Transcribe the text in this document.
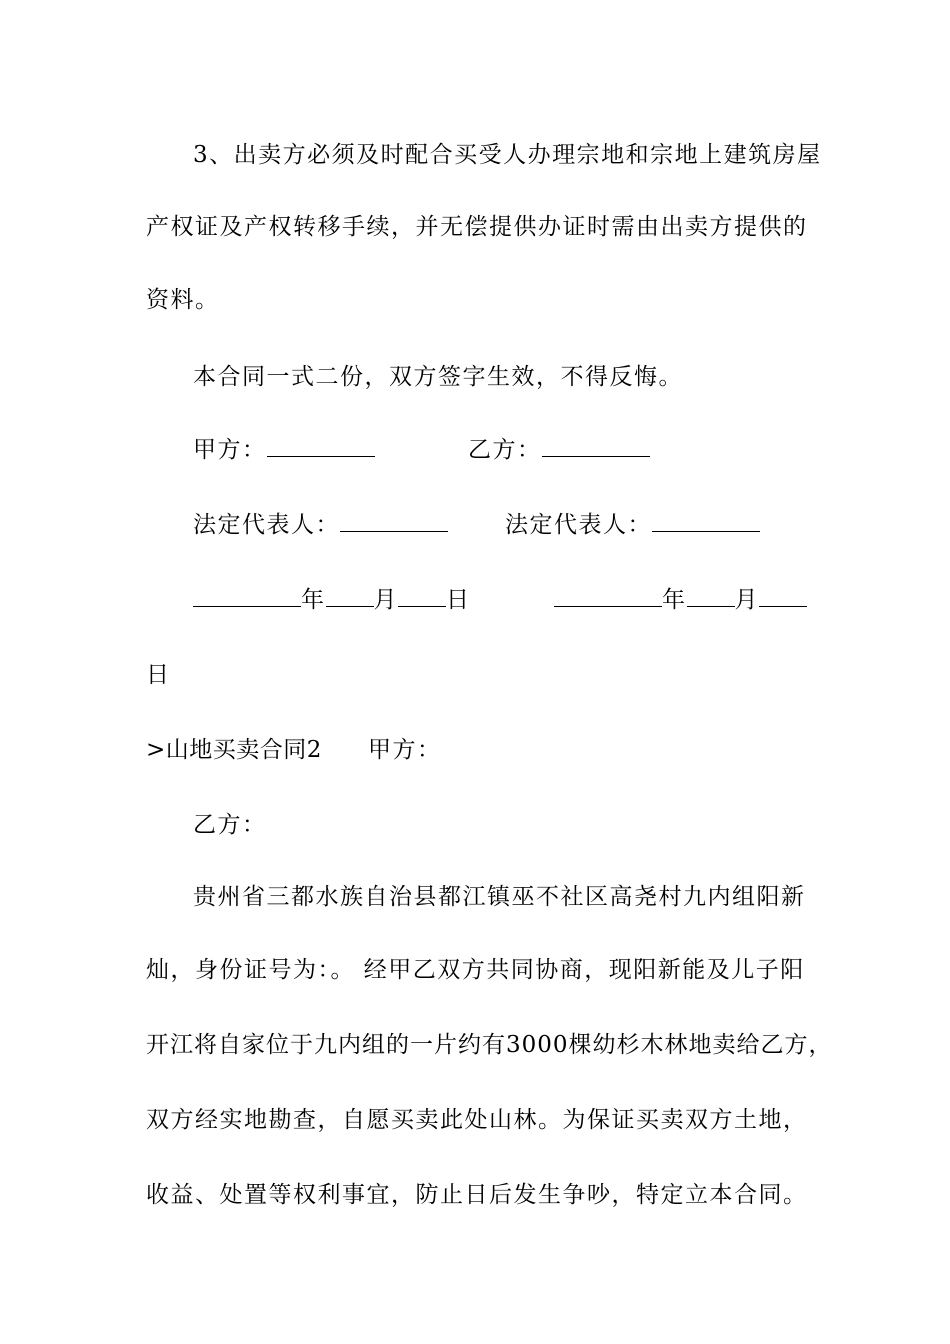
3、出卖方必须及时配合买受人办理宗地和宗地上建筑房屋
产权证及产权转移手续，并无偿提供办证时需由出卖方提供的
资料。
本合同一式二份，双方签字生效，不得反悔。
甲方：	乙方：
法定代表人：	法定代表人：
年 月 日	年 月
日
>山地买卖合同2 甲方：
乙方：
贵州省三都水族自治县都江镇巫不社区高尧村九内组阳新
灿，身份证号为：。 经甲乙双方共同协商，现阳新能及儿子阳
开江将自家位于九内组的一片约有3000棵幼杉木林地卖给乙方，
双方经实地勘查，自愿买卖此处山林。为保证买卖双方土地，
收益、处置等权利事宜，防止日后发生争吵，特定立本合同。
